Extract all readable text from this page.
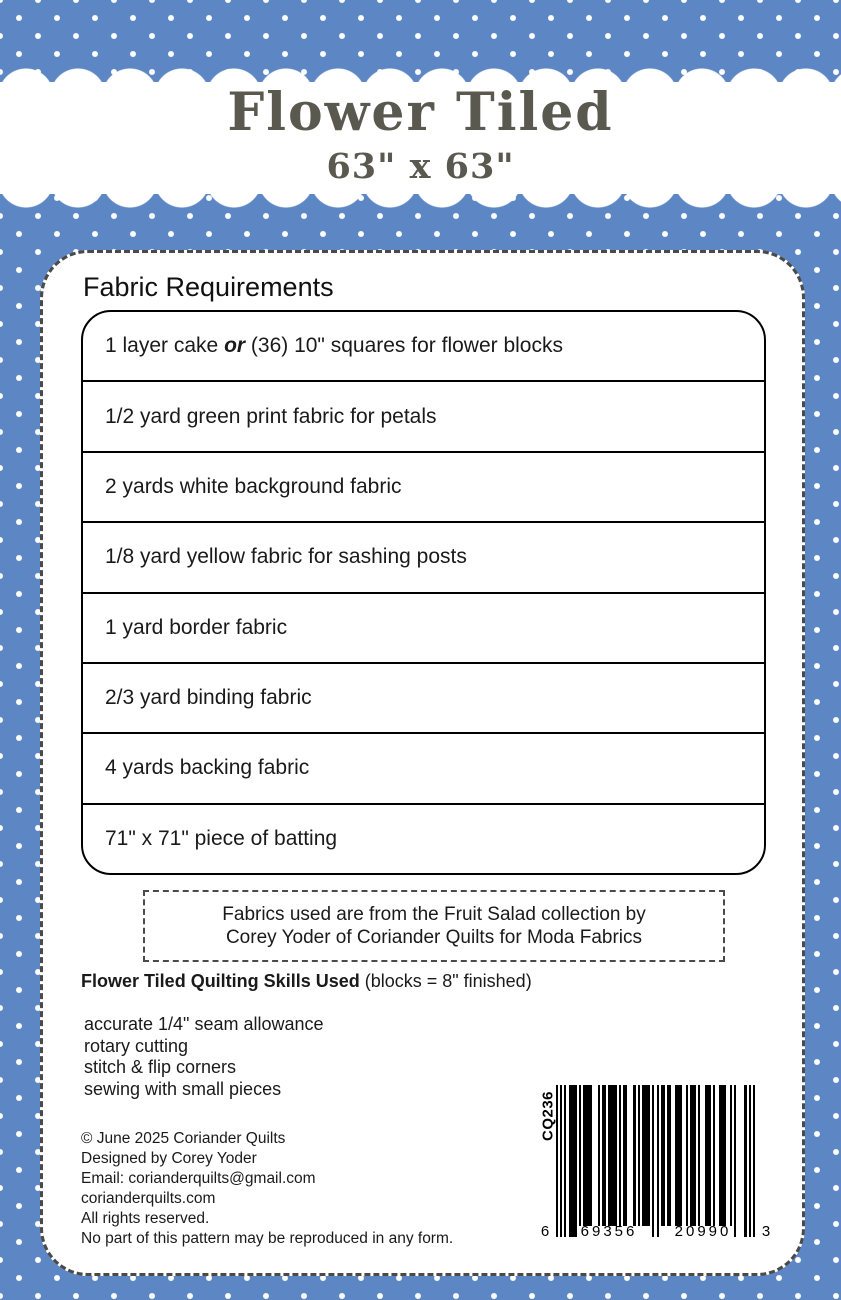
Flower Tiled
63" x 63"
Fabric Requirements
1 layer cake or (36) 10" squares for flower blocks
1/2 yard green print fabric for petals
2 yards white background fabric
1/8 yard yellow fabric for sashing posts
1 yard border fabric
2/3 yard binding fabric
4 yards backing fabric
71" x 71" piece of batting
Fabrics used are from the Fruit Salad collection by
Corey Yoder of Coriander Quilts for Moda Fabrics
Flower Tiled Quilting Skills Used (blocks = 8" finished)
accurate 1/4" seam allowance
rotary cutting
stitch & flip corners
sewing with small pieces
© June 2025 Coriander Quilts
Designed by Corey Yoder
Email: corianderquilts@gmail.com
corianderquilts.com
All rights reserved.
No part of this pattern may be reproduced in any form.
CQ236
6	69356	20990	3
